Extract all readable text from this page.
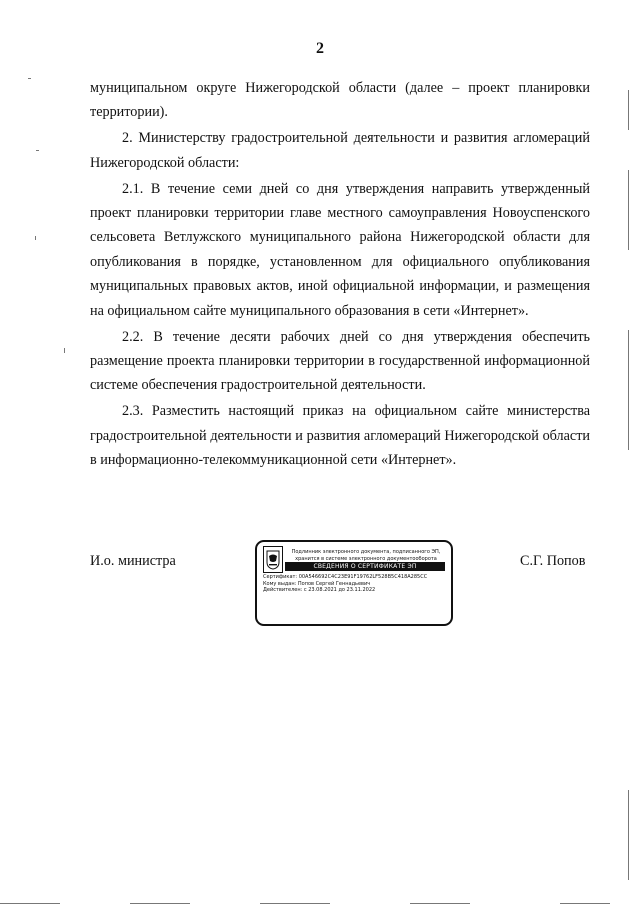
2

муниципальном округе Нижегородской области (далее – проект планировки территории).

2. Министерству градостроительной деятельности и развития агломераций Нижегородской области:

2.1. В течение семи дней со дня утверждения направить утвержденный проект планировки территории главе местного самоуправления Новоуспенского сельсовета Ветлужского муниципального района Нижегородской области для опубликования в порядке, установленном для официального опубликования муниципальных правовых актов, иной официальной информации, и размещения на официальном сайте муниципального образования в сети «Интернет».

2.2. В течение десяти рабочих дней со дня утверждения обеспечить размещение проекта планировки территории в государственной информационной системе обеспечения градостроительной деятельности.

2.3. Разместить настоящий приказ на официальном сайте министерства градостроительной деятельности и развития агломераций Нижегородской области в информационно-телекоммуникационной сети «Интернет».

И.о. министра
Подлинник электронного документа, подписанного ЭП,
хранится в системе электронного документооборота
СВЕДЕНИЯ О СЕРТИФИКАТЕ ЭП
Сертификат: 00A546692C4C23E91F19762LF528B5C418A285CC
Кому выдан: Попов Сергей Геннадьевич
Действителен: с 23.08.2021 до 23.11.2022
С.Г. Попов
